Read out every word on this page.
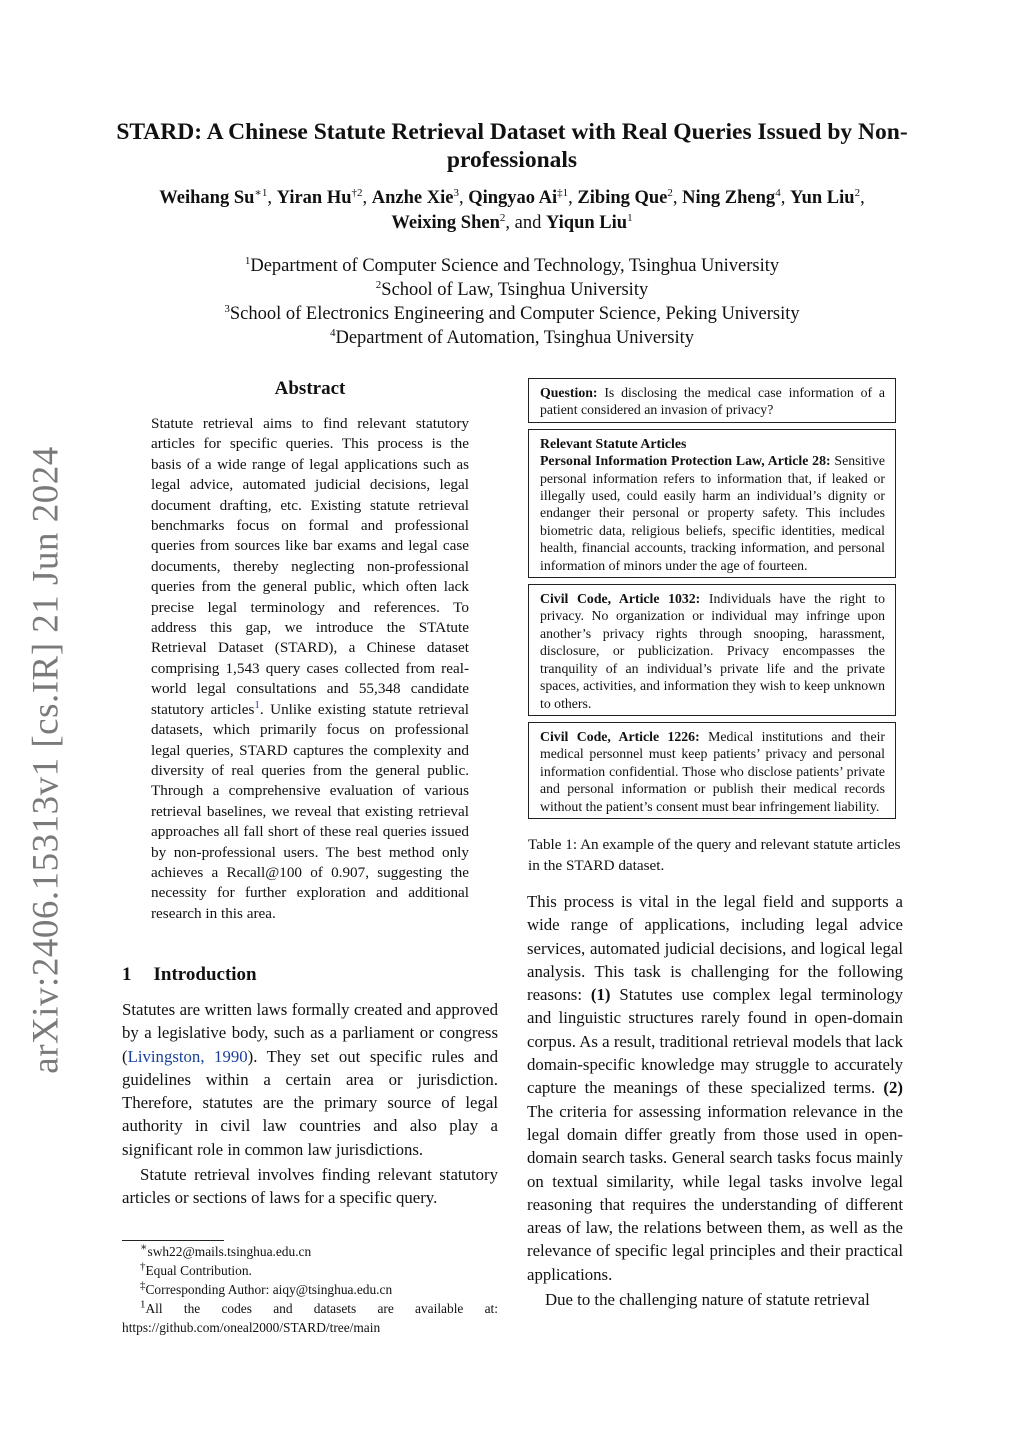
arXiv:2406.15313v1 [cs.IR] 21 Jun 2024
STARD: A Chinese Statute Retrieval Dataset with Real Queries Issued by Non-professionals
Weihang $Su^{∗1}$, Yiran Hu$^{\dagger 2}$, Anzhe Xie$^3$, Qingyao Ai$^{\ddagger 1}$, Zibing Que$^2$, Ning Zheng$^4$, Yun Liu$^2$,
Weixing Shen$^2$, and Yiqun Liu$^1$
$^1$Department of Computer Science and Technology, Tsinghua University
$^2$School of Law, Tsinghua University
$^3$School of Electronics Engineering and Computer Science, Peking University
$^4$Department of Automation, Tsinghua University
Abstract
Statute retrieval aims to find relevant statutory articles for specific queries. This process is the basis of a wide range of legal applications such as legal advice, automated judicial decisions, legal document drafting, etc. Existing statute retrieval benchmarks focus on formal and professional queries from sources like bar exams and legal case documents, thereby neglecting non-professional queries from the general public, which often lack precise legal terminology and references. To address this gap, we introduce the STAtute Retrieval Dataset (STARD), a Chinese dataset comprising 1,543 query cases collected from real-world legal consultations and 55,348 candidate statutory articles$^1$. Unlike existing statute retrieval datasets, which primarily focus on professional legal queries, STARD captures the complexity and diversity of real queries from the general public. Through a comprehensive evaluation of various retrieval baselines, we reveal that existing retrieval approaches all fall short of these real queries issued by non-professional users. The best method only achieves a Recall@100 of 0.907, suggesting the necessity for further exploration and additional research in this area.
1 Introduction

Statutes are written laws formally created and approved by a legislative body, such as a parliament or congress (Livingston, 1990). They set out specific rules and guidelines within a certain area or jurisdiction. Therefore, statutes are the primary source of legal authority in civil law countries and also play a significant role in common law jurisdictions.

Statute retrieval involves finding relevant statutory articles or sections of laws for a specific query.

∗swh22@mails.tsinghua.edu.cn
†Equal Contribution.
‡Corresponding Author: aiqy@tsinghua.edu.cn
$^1$All the codes and datasets are available at:
https://github.com/oneal2000/STARD/tree/main
Question: Is disclosing the medical case information of a patient considered an invasion of privacy?
Relevant Statute Articles
Personal Information Protection Law, Article 28: Sensitive personal information refers to information that, if leaked or illegally used, could easily harm an individual’s dignity or endanger their personal or property safety. This includes biometric data, religious beliefs, specific identities, medical health, financial accounts, tracking information, and personal information of minors under the age of fourteen.
Civil Code, Article 1032: Individuals have the right to privacy. No organization or individual may infringe upon another’s privacy rights through snooping, harassment, disclosure, or publicization. Privacy encompasses the tranquility of an individual’s private life and the private spaces, activities, and information they wish to keep unknown to others.
Civil Code, Article 1226: Medical institutions and their medical personnel must keep patients’ privacy and personal information confidential. Those who disclose patients’ private and personal information or publish their medical records without the patient’s consent must bear infringement liability.
Table 1: An example of the query and relevant statute articles in the STARD dataset.

This process is vital in the legal field and supports a wide range of applications, including legal advice services, automated judicial decisions, and logical legal analysis. This task is challenging for the following reasons: (1) Statutes use complex legal terminology and linguistic structures rarely found in open-domain corpus. As a result, traditional retrieval models that lack domain-specific knowledge may struggle to accurately capture the meanings of these specialized terms. (2) The criteria for assessing information relevance in the legal domain differ greatly from those used in open-domain search tasks. General search tasks focus mainly on textual similarity, while legal tasks involve legal reasoning that requires the understanding of different areas of law, the relations between them, as well as the relevance of specific legal principles and their practical applications.

Due to the challenging nature of statute retrieval
